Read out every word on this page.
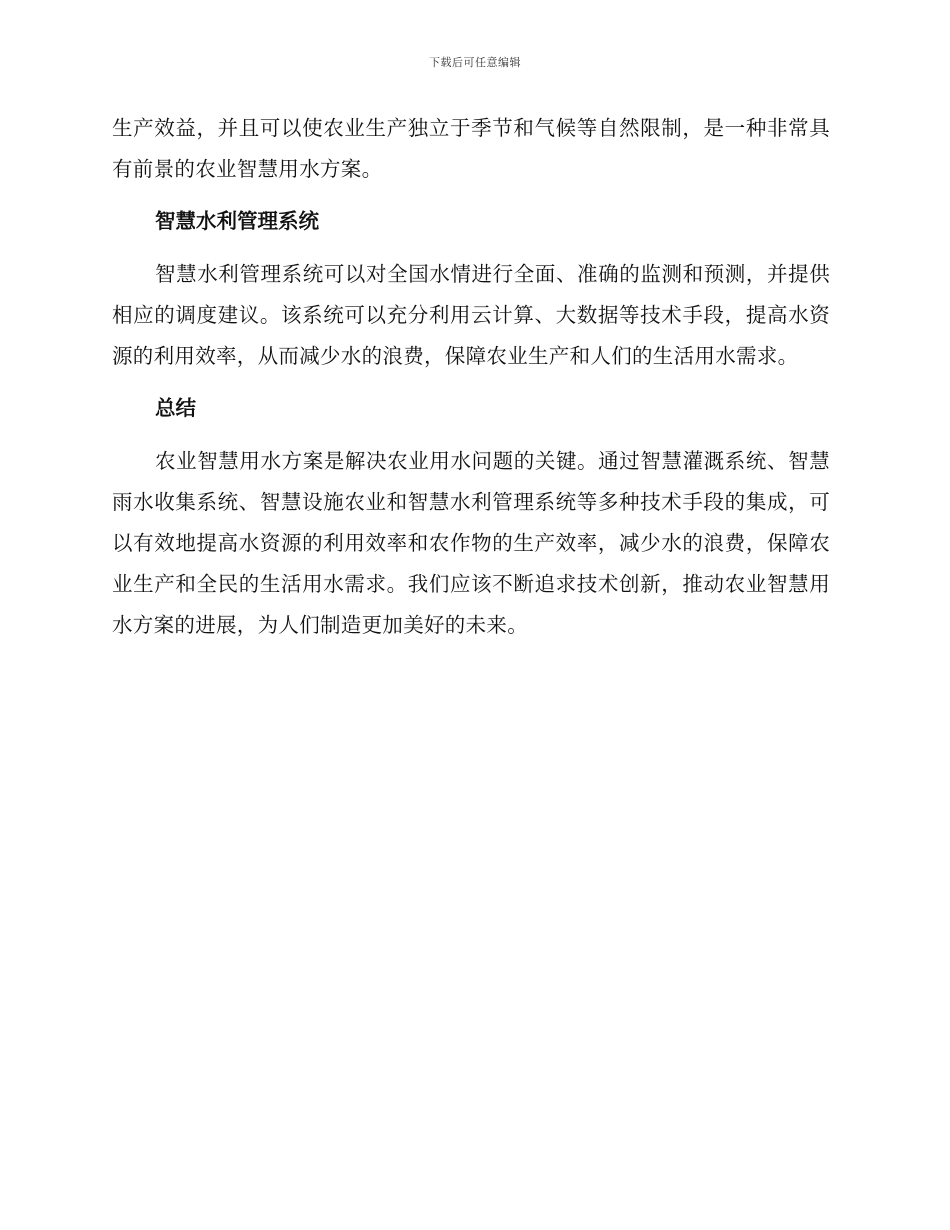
下载后可任意编辑

生产效益，并且可以使农业生产独立于季节和气候等自然限制，是一种非常具有前景的农业智慧用水方案。

智慧水利管理系统

智慧水利管理系统可以对全国水情进行全面、准确的监测和预测，并提供相应的调度建议。该系统可以充分利用云计算、大数据等技术手段，提高水资源的利用效率，从而减少水的浪费，保障农业生产和人们的生活用水需求。

总结

农业智慧用水方案是解决农业用水问题的关键。通过智慧灌溉系统、智慧雨水收集系统、智慧设施农业和智慧水利管理系统等多种技术手段的集成，可以有效地提高水资源的利用效率和农作物的生产效率，减少水的浪费，保障农业生产和全民的生活用水需求。我们应该不断追求技术创新，推动农业智慧用水方案的进展，为人们制造更加美好的未来。
